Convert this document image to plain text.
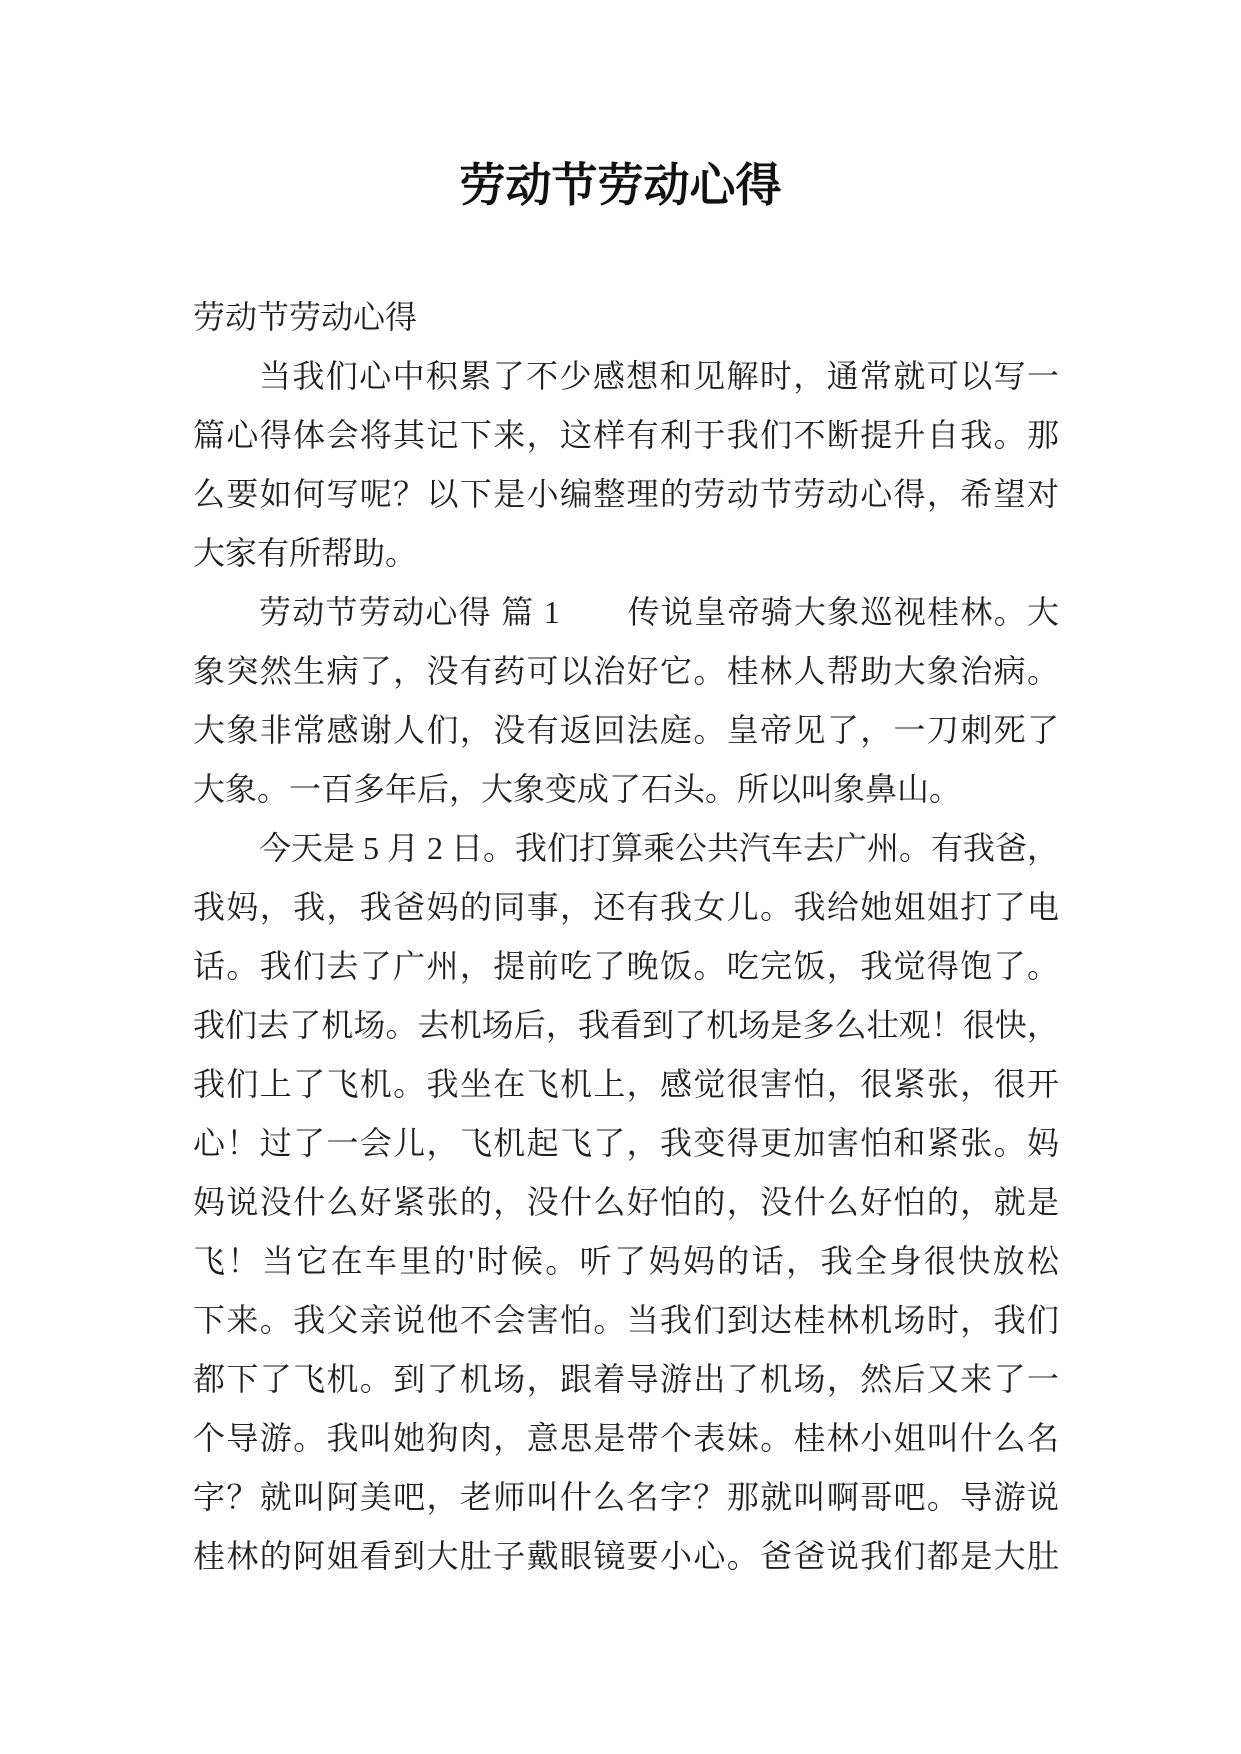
劳动节劳动心得
劳动节劳动心得
当我们心中积累了不少感想和见解时，通常就可以写一
篇心得体会将其记下来，这样有利于我们不断提升自我。那
么要如何写呢？以下是小编整理的劳动节劳动心得，希望对
大家有所帮助。
劳动节劳动心得 篇 1　　传说皇帝骑大象巡视桂林。大
象突然生病了，没有药可以治好它。桂林人帮助大象治病。
大象非常感谢人们，没有返回法庭。皇帝见了，一刀刺死了
大象。一百多年后，大象变成了石头。所以叫象鼻山。
今天是 5 月 2 日。我们打算乘公共汽车去广州。有我爸，
我妈，我，我爸妈的同事，还有我女儿。我给她姐姐打了电
话。我们去了广州，提前吃了晚饭。吃完饭，我觉得饱了。
我们去了机场。去机场后，我看到了机场是多么壮观！很快，
我们上了飞机。我坐在飞机上，感觉很害怕，很紧张，很开
心！过了一会儿，飞机起飞了，我变得更加害怕和紧张。妈
妈说没什么好紧张的，没什么好怕的，没什么好怕的，就是
飞！当它在车里的'时候。听了妈妈的话，我全身很快放松
下来。我父亲说他不会害怕。当我们到达桂林机场时，我们
都下了飞机。到了机场，跟着导游出了机场，然后又来了一
个导游。我叫她狗肉，意思是带个表妹。桂林小姐叫什么名
字？就叫阿美吧，老师叫什么名字？那就叫啊哥吧。导游说
桂林的阿姐看到大肚子戴眼镜要小心。爸爸说我们都是大肚
